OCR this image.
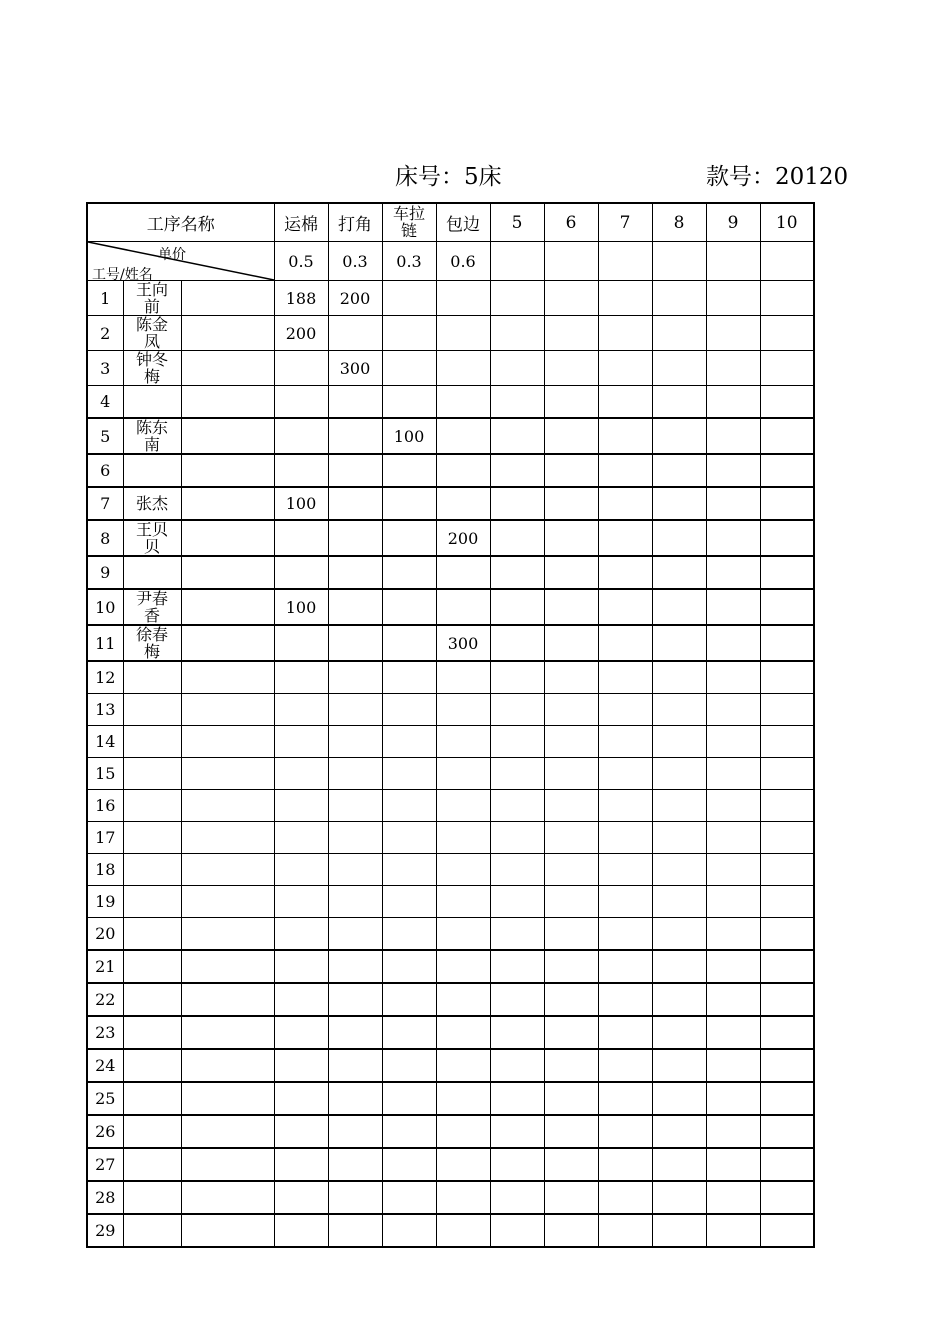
床号：5床	款号：20120
工序名称			运棉	打角	车拉链	包边	5	6	7	8	9	10

单价
工号/姓名			0.5	0.3	0.3	0.6						
1	王向前		188	200								
2	陈金凤		200									
3	钟冬梅			300								
4												
5	陈东南				100							
6												
7	张杰		100									
8	王贝贝					200						
9												
10	尹春香		100									
11	徐春梅					300						
12												
13												
14												
15												
16												
17												
18												
19												
20												
21												
22												
23												
24												
25												
26												
27												
28												
29												
